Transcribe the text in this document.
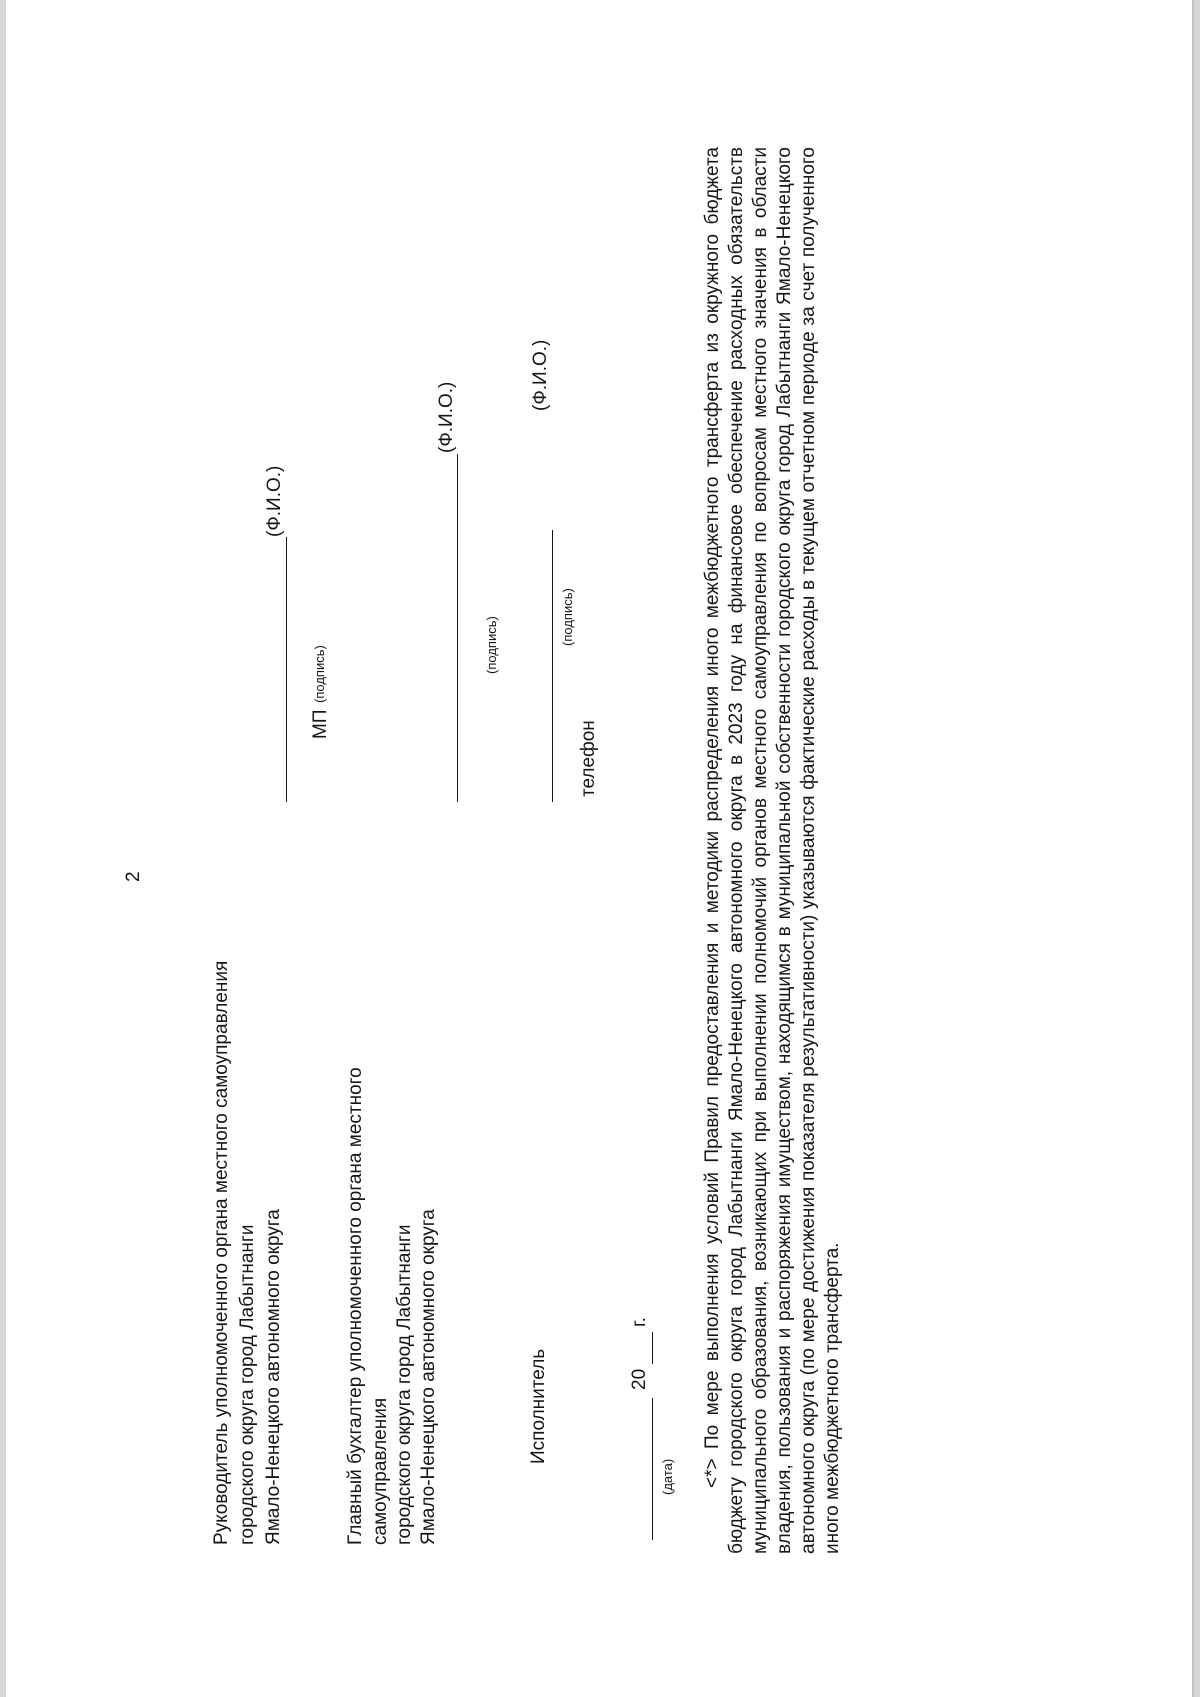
2
Руководитель уполномоченного органа местного самоуправления городского округа город Лабытнанги Ямало-Ненецкого автономного округа
(Ф.И.О.)
МП
(подпись)
Главный бухгалтер уполномоченного органа местного самоуправления городского округа город Лабытнанги Ямало-Ненецкого автономного округа
(Ф.И.О.)
(подпись)
Исполнитель
(подпись)
(Ф.И.О.)
телефон
20
г.
(дата) <*> По мере выполнения условий Правил предоставления и методики распределения иного межбюджетного трансферта из окружного бюджета бюджету городского округа город Лабытнанги Ямало-Ненецкого автономного округа в 2023 году на финансовое обеспечение расходных обязательств муниципального образования, возникающих при выполнении полномочий органов местного самоуправления по вопросам местного значения в области владения, пользования и распоряжения имуществом, находящимся в муниципальной собственности городского округа город Лабытнанги Ямало-Ненецкого автономного округа (по мере достижения показателя результативности) указываются фактические расходы в текущем отчетном периоде за счет полученного иного межбюджетного трансферта.
